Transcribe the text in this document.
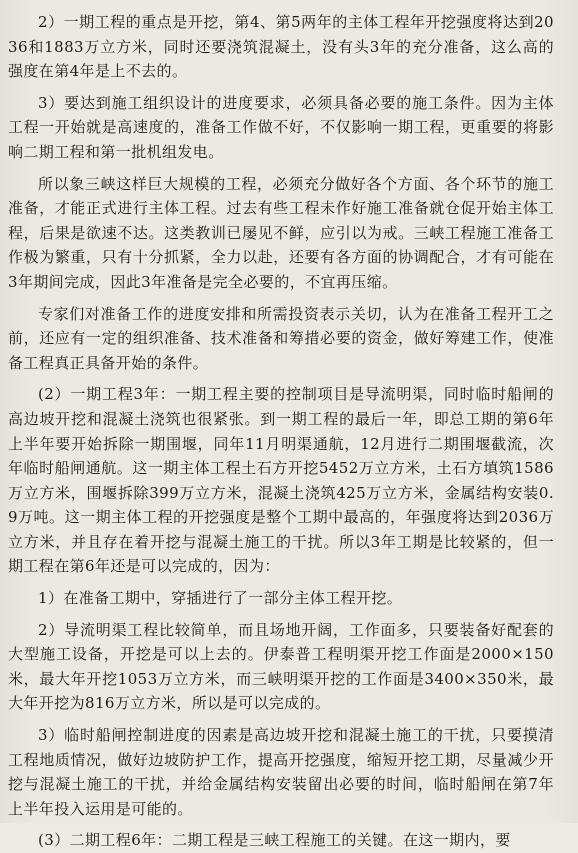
2）一期工程的重点是开挖，第4、第5两年的主体工程年开挖强度将达到2036和1883万立方米，同时还要浇筑混凝土，没有头3年的充分准备，这么高的强度在第4年是上不去的。

3）要达到施工组织设计的进度要求，必须具备必要的施工条件。因为主体工程一开始就是高速度的，准备工作做不好，不仅影响一期工程，更重要的将影响二期工程和第一批机组发电。

所以象三峡这样巨大规模的工程，必须充分做好各个方面、各个环节的施工准备，才能正式进行主体工程。过去有些工程未作好施工准备就仓促开始主体工程，后果是欲速不达。这类教训已屡见不鲜，应引以为戒。三峡工程施工准备工作极为繁重，只有十分抓紧，全力以赴，还要有各方面的协调配合，才有可能在3年期间完成，因此3年准备是完全必要的，不宜再压缩。

专家们对准备工作的进度安排和所需投资表示关切，认为在准备工程开工之前，还应有一定的组织准备、技术准备和筹措必要的资金，做好筹建工作，使准备工程真正具备开始的条件。

(2）一期工程3年：一期工程主要的控制项目是导流明渠，同时临时船闸的高边坡开挖和混凝土浇筑也很紧张。到一期工程的最后一年，即总工期的第6年上半年要开始拆除一期围堰，同年11月明渠通航，12月进行二期围堰截流，次年临时船闸通航。这一期主体工程土石方开挖5452万立方米，土石方填筑1586万立方米，围堰拆除399万立方米，混凝土浇筑425万立方米，金属结构安装0.9万吨。这一期主体工程的开挖强度是整个工期中最高的，年强度将达到2036万立方米，并且存在着开挖与混凝土施工的干扰。所以3年工期是比较紧的，但一期工程在第6年还是可以完成的，因为：

1）在准备工期中，穿插进行了一部分主体工程开挖。

2）导流明渠工程比较简单，而且场地开阔，工作面多，只要装备好配套的大型施工设备，开挖是可以上去的。伊泰普工程明渠开挖工作面是2000×150米，最大年开挖1053万立方米，而三峡明渠开挖的工作面是3400×350米，最大年开挖为816万立方米，所以是可以完成的。

3）临时船闸控制进度的因素是高边坡开挖和混凝土施工的干扰，只要摸清工程地质情况，做好边坡防护工作，提高开挖强度，缩短开挖工期，尽量减少开挖与混凝土施工的干扰，并给金属结构安装留出必要的时间，临时船闸在第7年上半年投入运用是可能的。

(3）二期工程6年：二期工程是三峡工程施工的关键。在这一期内，要
